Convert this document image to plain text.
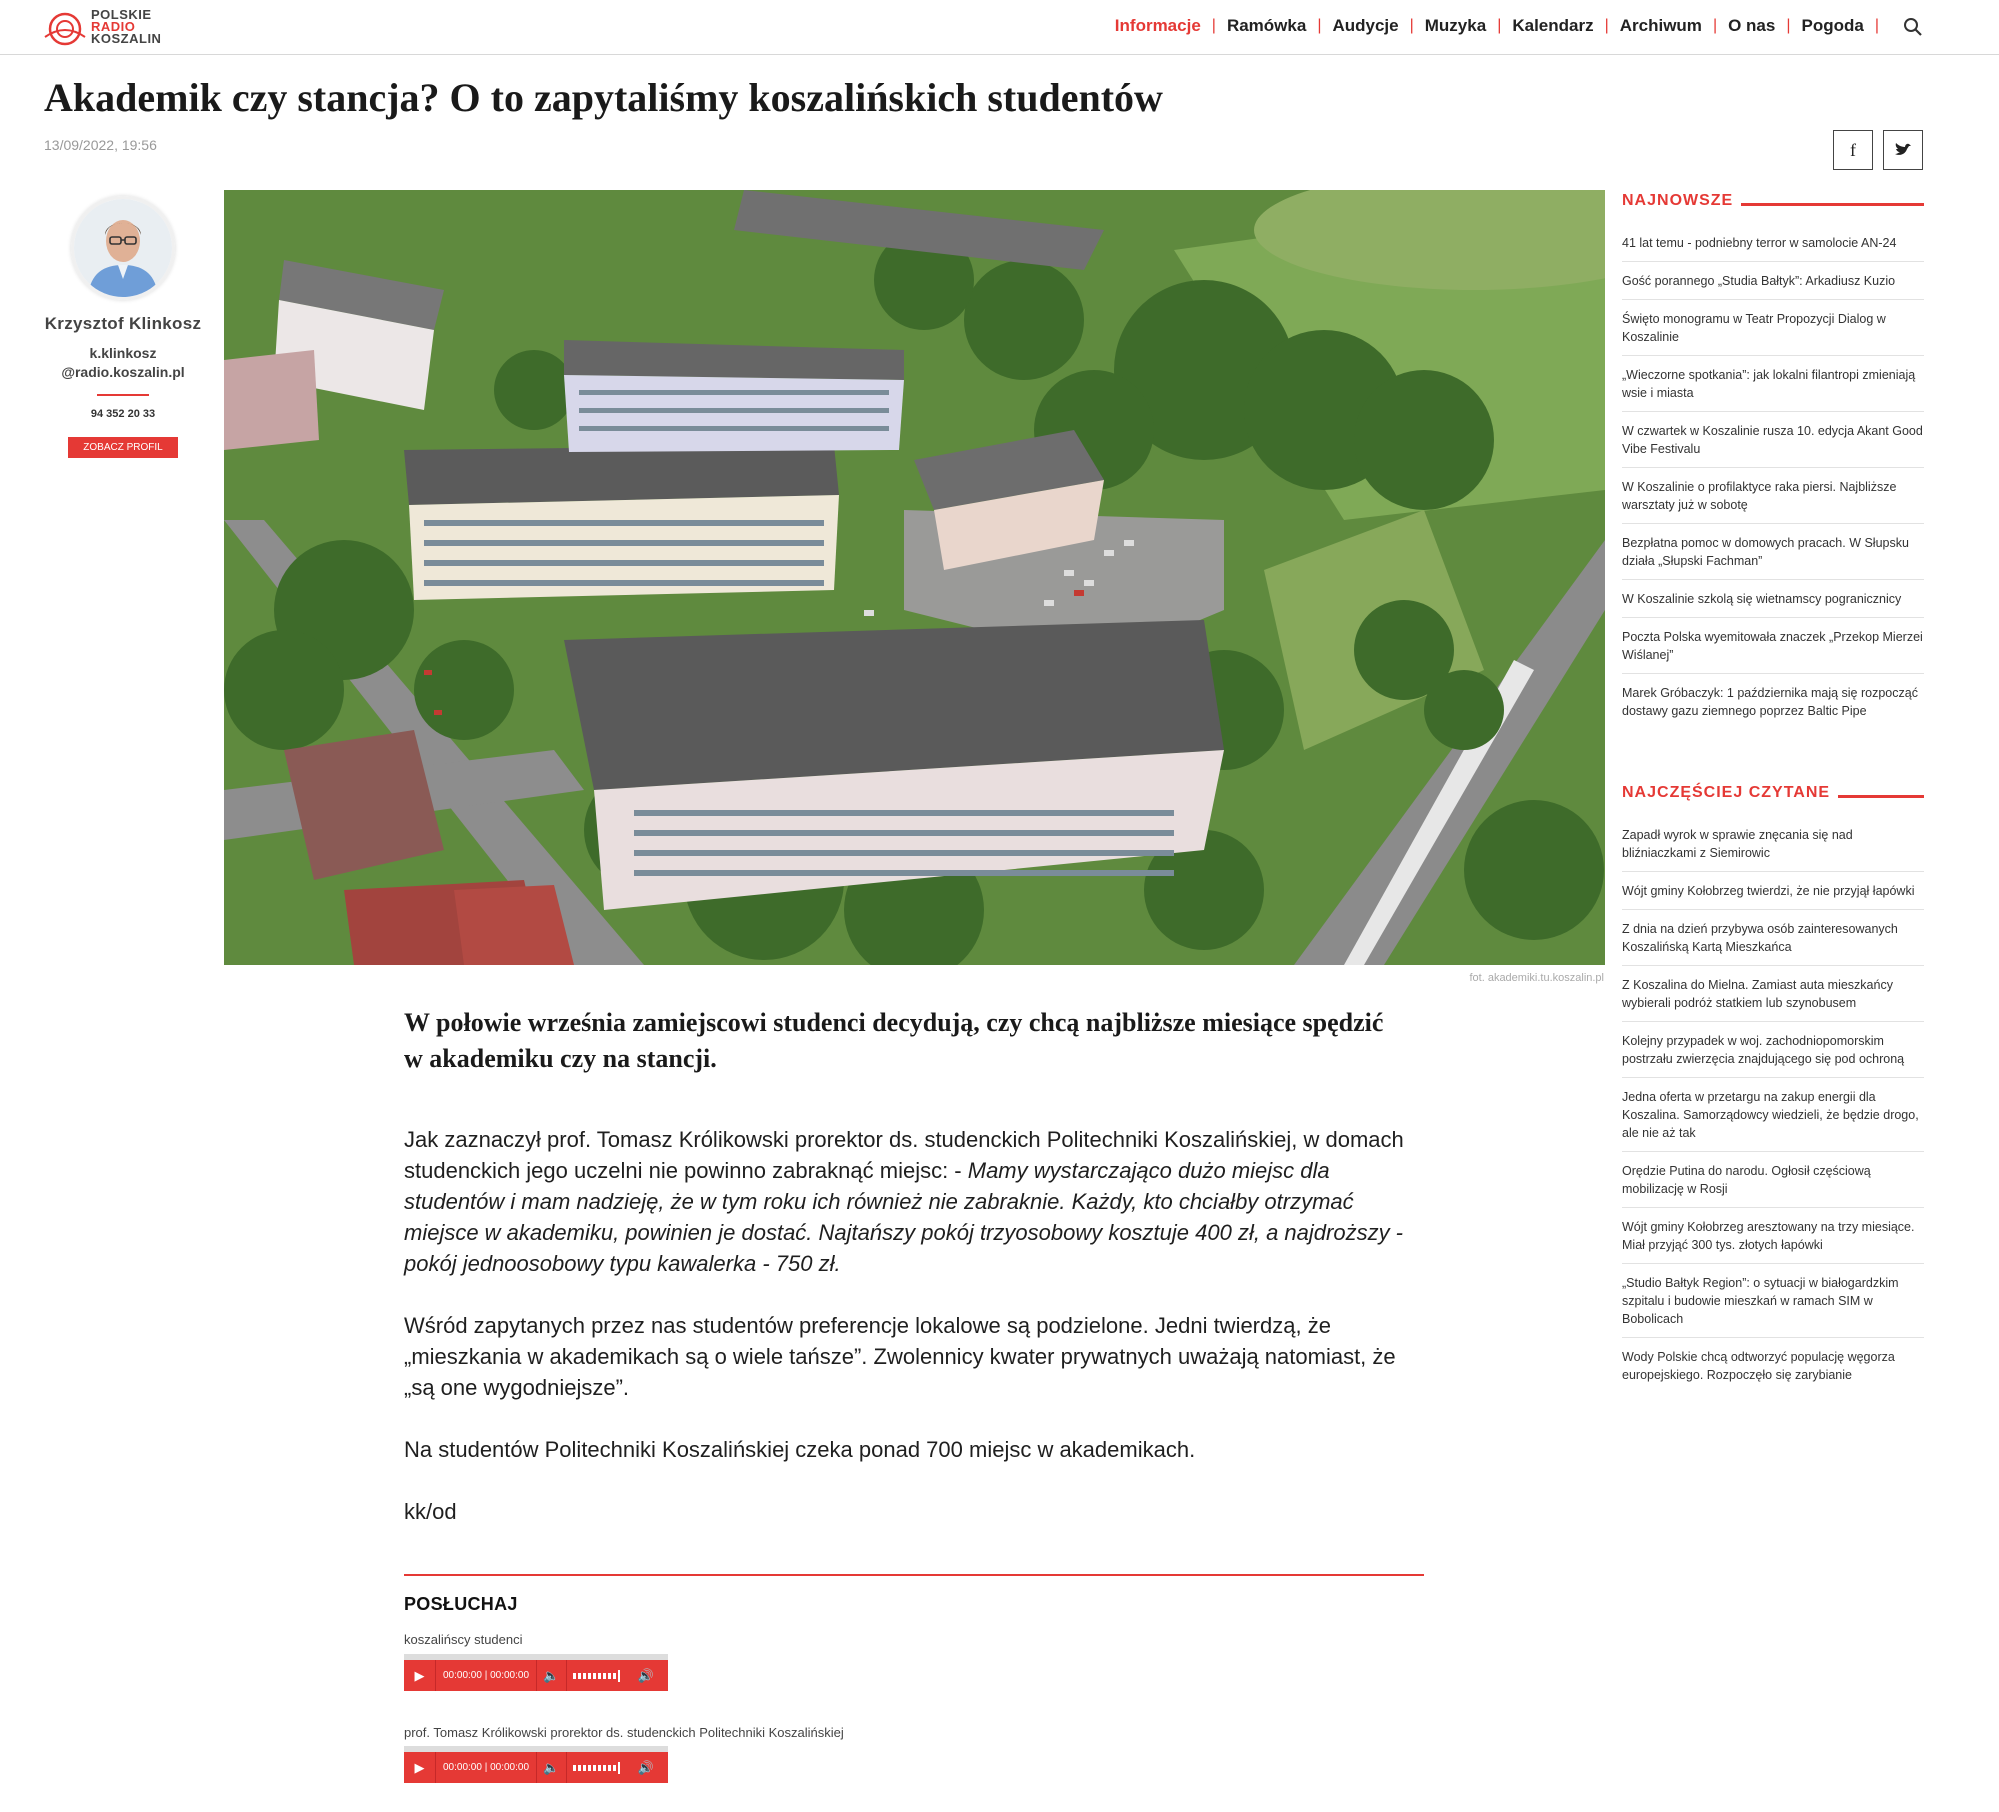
POLSKIE
RADIO
KOSZALIN
Informacje | Ramówka | Audycje | Muzyka | Kalendarz | Archiwum | O nas | Pogoda |
Akademik czy stancja? O to zapytaliśmy koszalińskich studentów
13/09/2022, 19:56	f
Krzysztof Klinkosz
k.klinkosz
@radio.koszalin.pl
94 352 20 33
ZOBACZ PROFIL
fot. akademiki.tu.koszalin.pl
W połowie września zamiejscowi studenci decydują, czy chcą najbliższe miesiące spędzić w akademiku czy na stancji.

Jak zaznaczył prof. Tomasz Królikowski prorektor ds. studenckich Politechniki Koszalińskiej, w domach studenckich jego uczelni nie powinno zabraknąć miejsc: - Mamy wystarczająco dużo miejsc dla studentów i mam nadzieję, że w tym roku ich również nie zabraknie. Każdy, kto chciałby otrzymać miejsce w akademiku, powinien je dostać. Najtańszy pokój trzyosobowy kosztuje 400 zł, a najdroższy - pokój jednoosobowy typu kawalerka - 750 zł.

Wśród zapytanych przez nas studentów preferencje lokalowe są podzielone. Jedni twierdzą, że „mieszkania w akademikach są o wiele tańsze”. Zwolennicy kwater prywatnych uważają natomiast, że „są one wygodniejsze”.

Na studentów Politechniki Koszalińskiej czeka ponad 700 miejsc w akademikach.

kk/od

POSŁUCHAJ
koszalińscy studenci
▶	00:00:00 | 00:00:00	🔈	🔊
prof. Tomasz Królikowski prorektor ds. studenckich Politechniki Koszalińskiej
▶	00:00:00 | 00:00:00	🔈	🔊
NAJNOWSZE
41 lat temu - podniebny terror w samolocie AN-24
Gość porannego „Studia Bałtyk”: Arkadiusz Kuzio
Święto monogramu w Teatr Propozycji Dialog w Koszalinie
„Wieczorne spotkania”: jak lokalni filantropi zmieniają wsie i miasta
W czwartek w Koszalinie rusza 10. edycja Akant Good Vibe Festivalu
W Koszalinie o profilaktyce raka piersi. Najbliższe warsztaty już w sobotę
Bezpłatna pomoc w domowych pracach. W Słupsku działa „Słupski Fachman”
W Koszalinie szkolą się wietnamscy pogranicznicy
Poczta Polska wyemitowała znaczek „Przekop Mierzei Wiślanej”
Marek Gróbaczyk: 1 października mają się rozpocząć dostawy gazu ziemnego poprzez Baltic Pipe
NAJCZĘŚCIEJ CZYTANE
Zapadł wyrok w sprawie znęcania się nad bliźniaczkami z Siemirowic
Wójt gminy Kołobrzeg twierdzi, że nie przyjął łapówki
Z dnia na dzień przybywa osób zainteresowanych Koszalińską Kartą Mieszkańca
Z Koszalina do Mielna. Zamiast auta mieszkańcy wybierali podróż statkiem lub szynobusem
Kolejny przypadek w woj. zachodniopomorskim postrzału zwierzęcia znajdującego się pod ochroną
Jedna oferta w przetargu na zakup energii dla Koszalina. Samorządowcy wiedzieli, że będzie drogo, ale nie aż tak
Orędzie Putina do narodu. Ogłosił częściową mobilizację w Rosji
Wójt gminy Kołobrzeg aresztowany na trzy miesiące. Miał przyjąć 300 tys. złotych łapówki
„Studio Bałtyk Region”: o sytuacji w białogardzkim szpitalu i budowie mieszkań w ramach SIM w Bobolicach
Wody Polskie chcą odtworzyć populację węgorza europejskiego. Rozpoczęło się zarybianie
